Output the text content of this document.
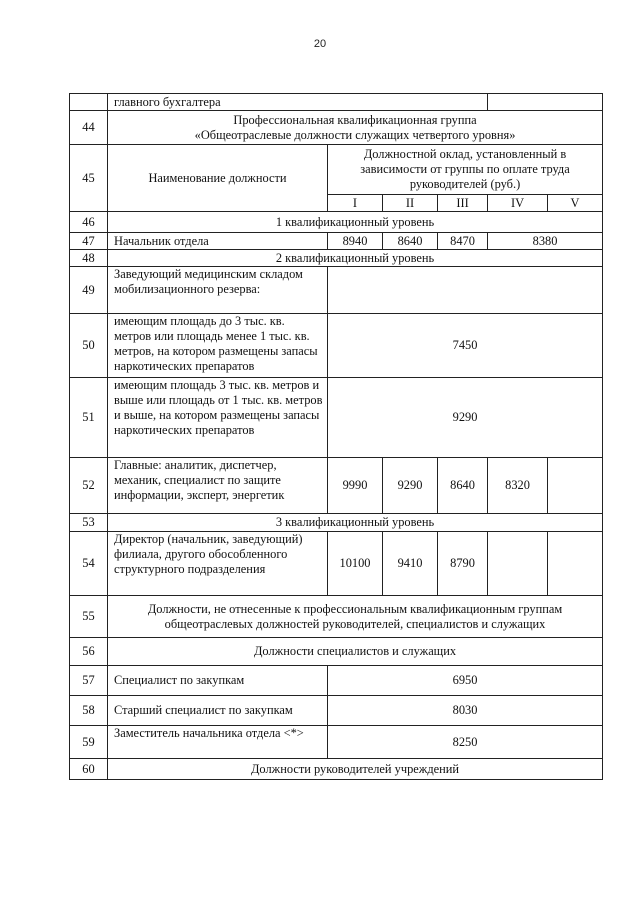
20
	главного бухгалтера					
44	Профессиональная квалификационная группа
«Общеотраслевые должности служащих четвертого уровня»					

45	Наименование должности	Должностной оклад, установленный в зависимости от группы по оплате труда руководителей (руб.)				
		I	II	III	IV	V
46	1 квалификационный уровень					
47	Начальник отдела	8940	8640	8470	8380	
48	2 квалификационный уровень					
49	Заведующий медицинским складом мобилизационного резерва:					
50	имеющим площадь до 3 тыс. кв. метров или площадь менее 1 тыс. кв. метров, на котором размещены запасы наркотических препаратов	7450				
51	имеющим площадь 3 тыс. кв. метров и выше или площадь от 1 тыс. кв. метров и выше, на котором размещены запасы наркотических препаратов	9290				
52	Главные: аналитик, диспетчер, механик, специалист по защите информации, эксперт, энергетик	9990	9290	8640	8320	
53	3 квалификационный уровень					
54	Директор (начальник, заведующий) филиала, другого обособленного структурного подразделения	10100	9410	8790		
55	Должности, не отнесенные к профессиональным квалификационным группам общеотраслевых должностей руководителей, специалистов и служащих					
56	Должности специалистов и служащих					
57	Специалист по закупкам	6950				
58	Старший специалист по закупкам	8030				
59	Заместитель начальника отдела <*>	8250				
60	Должности руководителей учреждений					
